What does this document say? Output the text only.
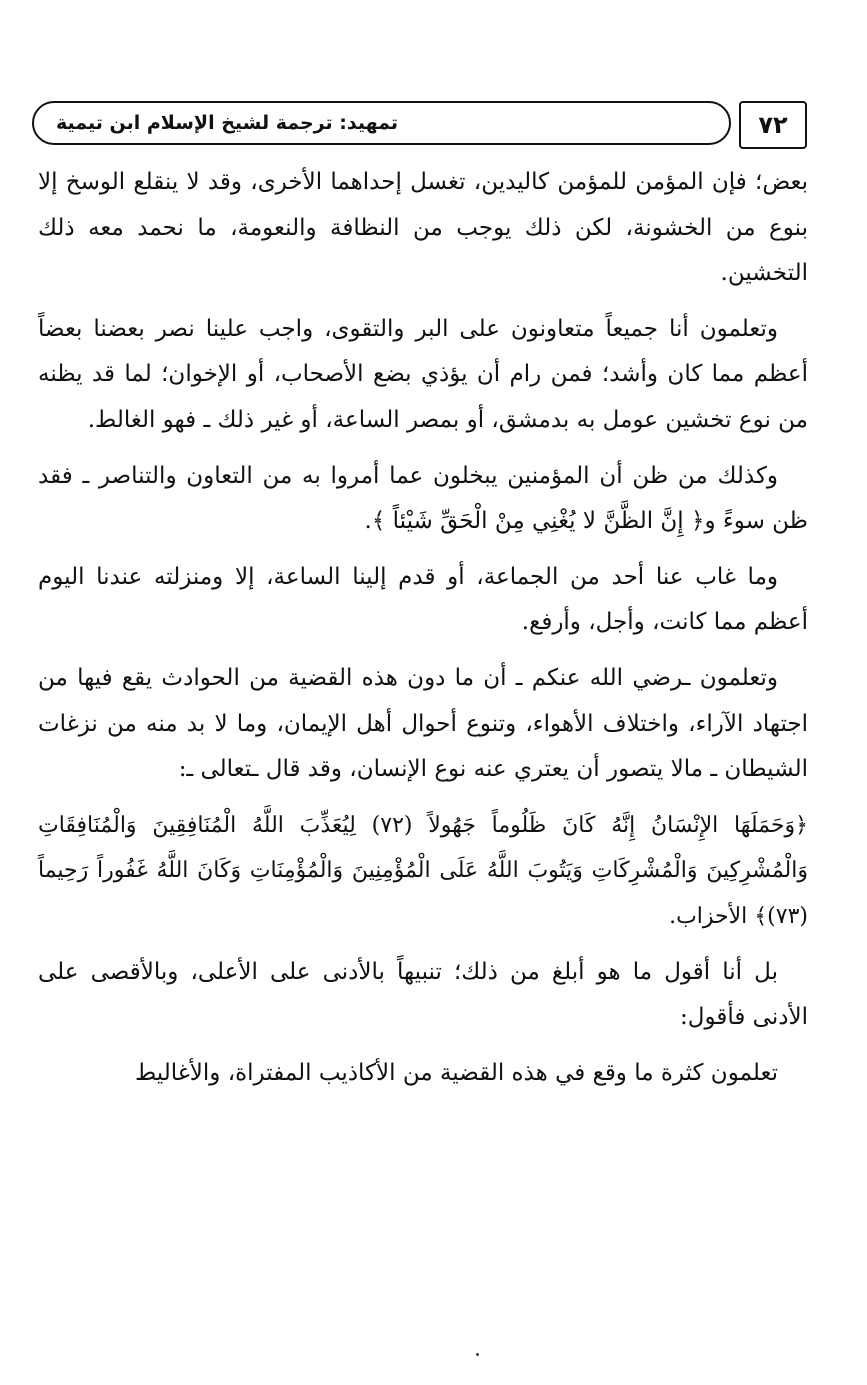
٧٢
تمهيد: ترجمة لشيخ الإسلام ابن تيمية

بعض؛ فإن المؤمن للمؤمن كاليدين، تغسل إحداهما الأخرى، وقد لا ينقلع الوسخ إلا بنوع من الخشونة، لكن ذلك يوجب من النظافة والنعومة، ما نحمد معه ذلك التخشين.

وتعلمون أنا جميعاً متعاونون على البر والتقوى، واجب علينا نصر بعضنا بعضاً أعظم مما كان وأشد؛ فمن رام أن يؤذي بضع الأصحاب، أو الإخوان؛ لما قد يظنه من نوع تخشين عومل به بدمشق، أو بمصر الساعة، أو غير ذلك ـ فهو الغالط.

وكذلك من ظن أن المؤمنين يبخلون عما أمروا به من التعاون والتناصر ـ فقد ظن سوءً و﴿ إِنَّ الظَّنَّ لا يُغْنِي مِنْ الْحَقِّ شَيْئاً ﴾.

وما غاب عنا أحد من الجماعة، أو قدم إلينا الساعة، إلا ومنزلته عندنا اليوم أعظم مما كانت، وأجل، وأرفع.

وتعلمون ـرضي الله عنكم ـ أن ما دون هذه القضية من الحوادث يقع فيها من اجتهاد الآراء، واختلاف الأهواء، وتنوع أحوال أهل الإيمان، وما لا بد منه من نزغات الشيطان ـ مالا يتصور أن يعتري عنه نوع الإنسان، وقد قال ـتعالى ـ:

﴿وَحَمَلَهَا الإِنْسَانُ إِنَّهُ كَانَ ظَلُوماً جَهُولاً (٧٢) لِيُعَذِّبَ اللَّهُ الْمُنَافِقِينَ وَالْمُنَافِقَاتِ وَالْمُشْرِكِينَ وَالْمُشْرِكَاتِ وَيَتُوبَ اللَّهُ عَلَى الْمُؤْمِنِينَ وَالْمُؤْمِنَاتِ وَكَانَ اللَّهُ غَفُوراً رَحِيماً (٧٣)﴾ الأحزاب.

بل أنا أقول ما هو أبلغ من ذلك؛ تنبيهاً بالأدنى على الأعلى، وبالأقصى على الأدنى فأقول:

تعلمون كثرة ما وقع في هذه القضية من الأكاذيب المفتراة، والأغاليط
